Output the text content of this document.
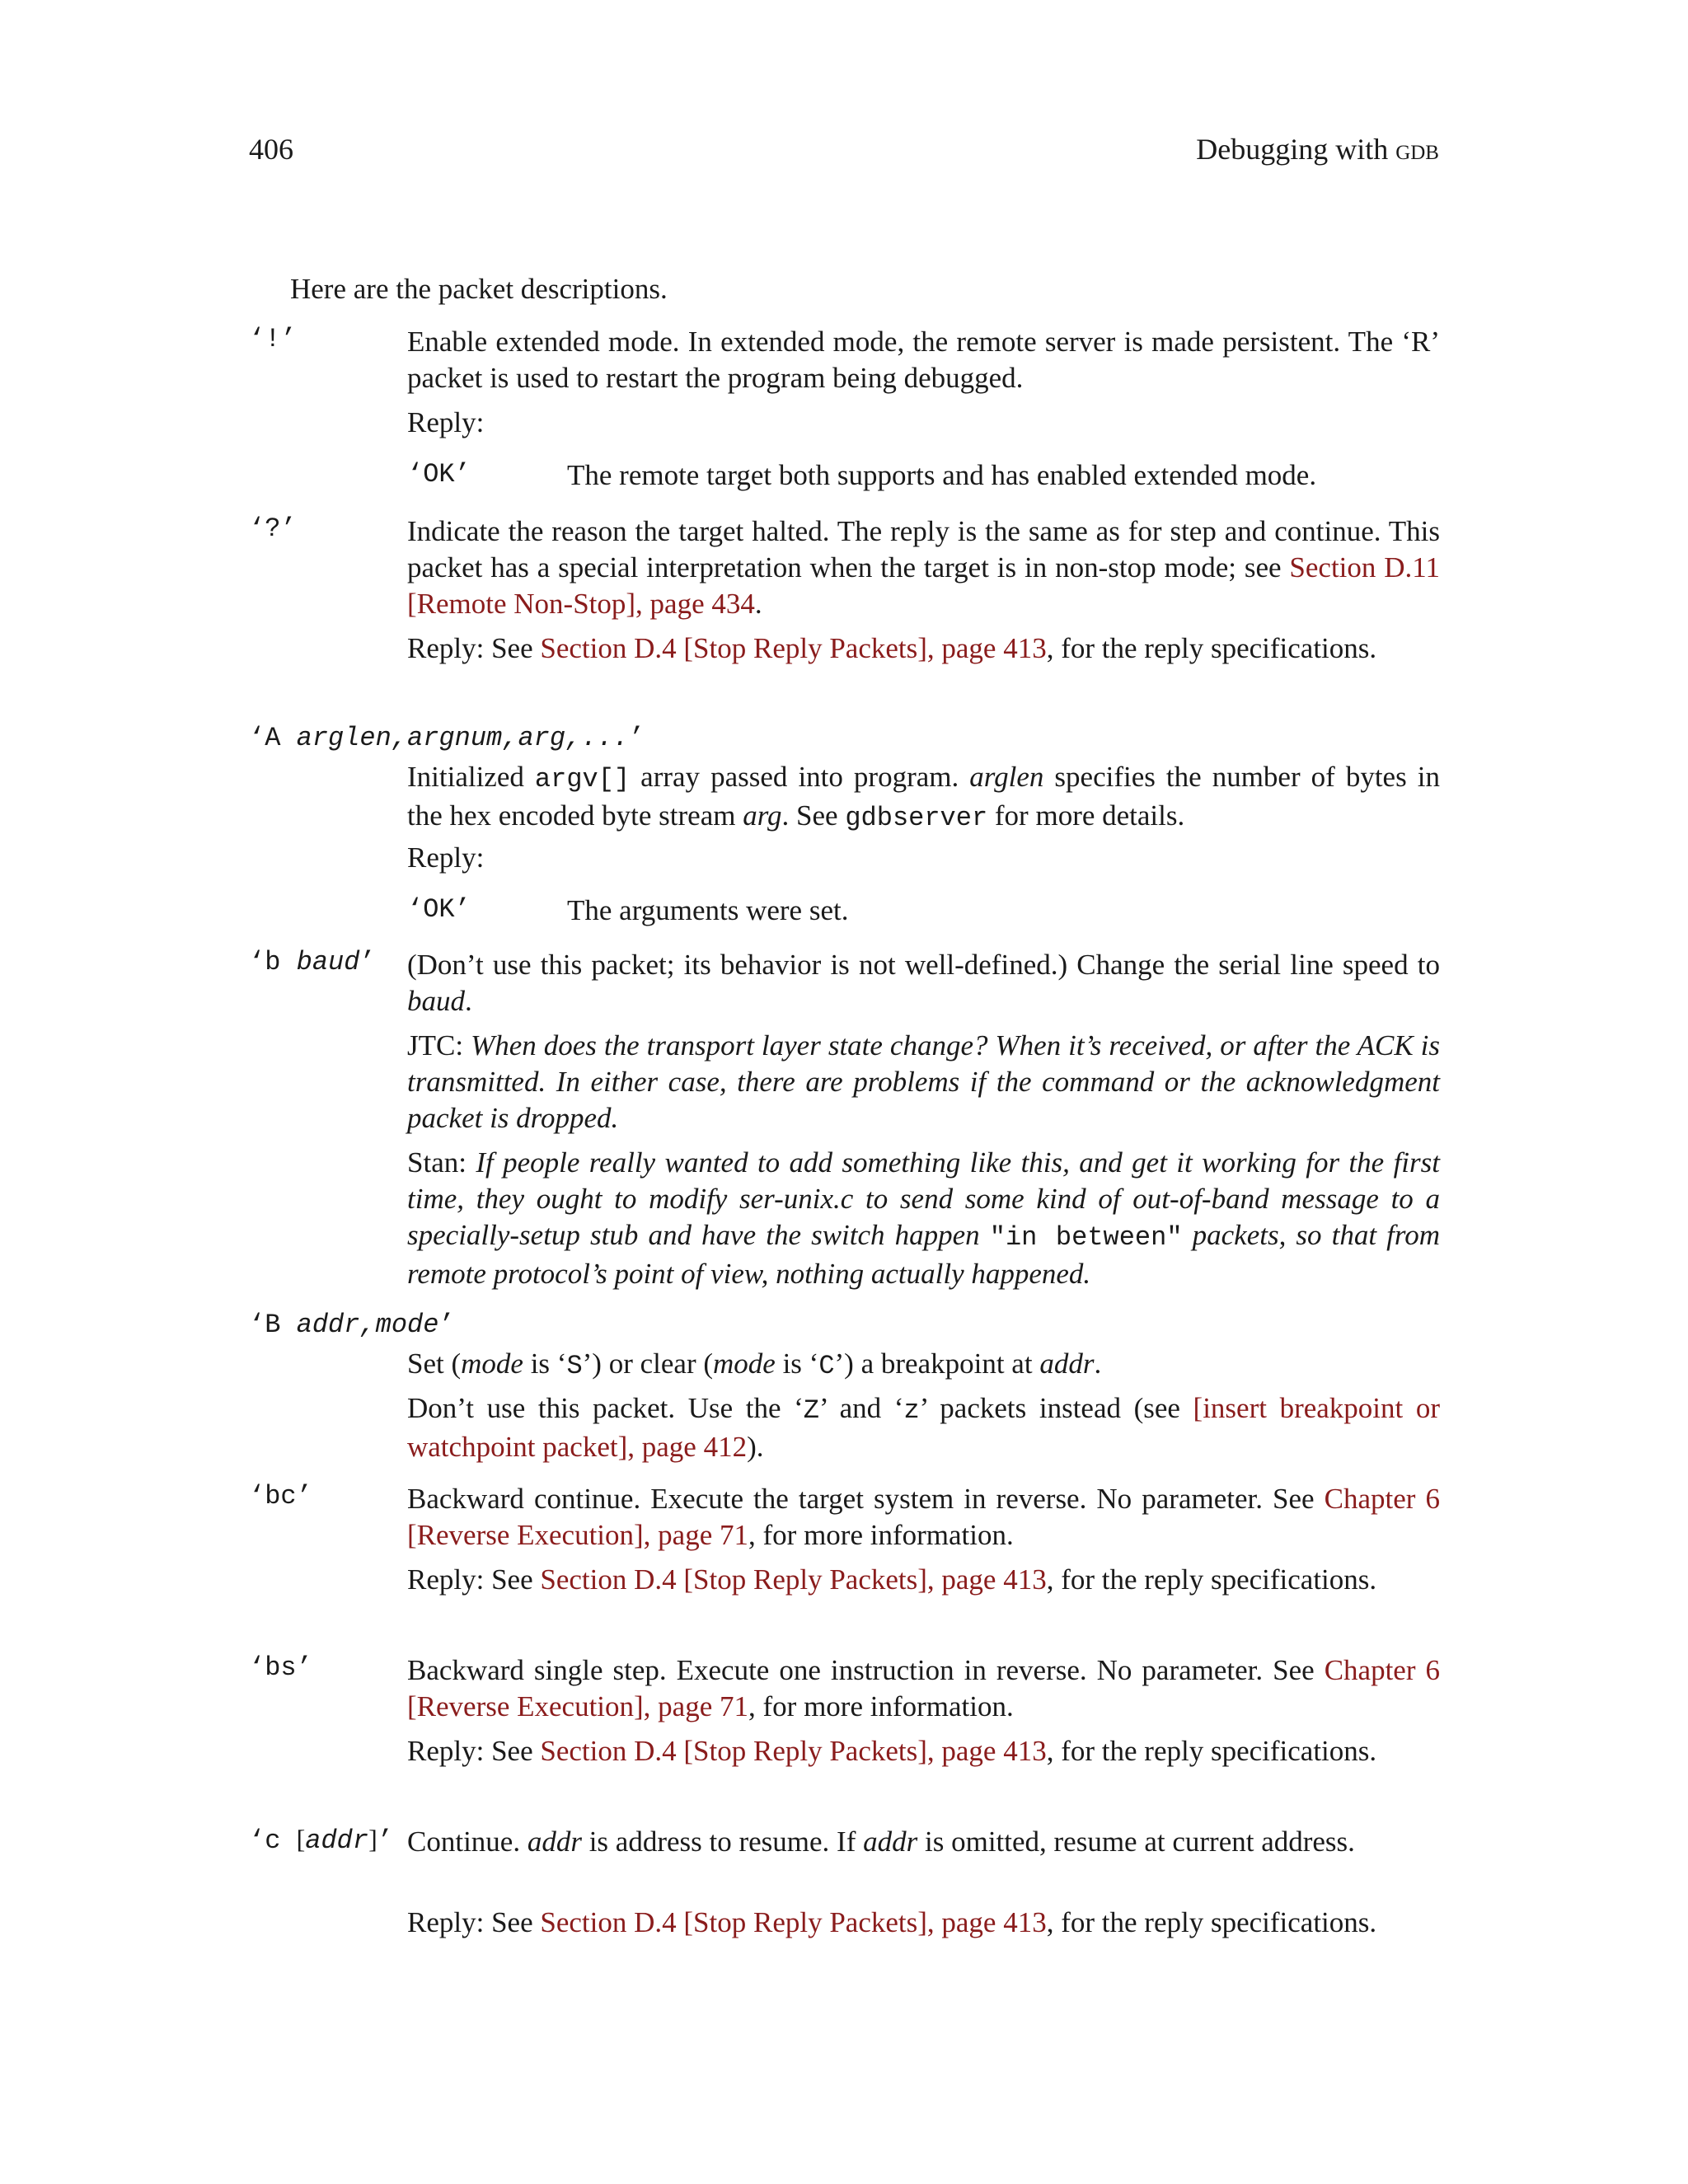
406	Debugging with gdb
Here are the packet descriptions.
‘!’	Enable extended mode. In extended mode, the remote server is made persistent. The ‘R’ packet is used to restart the program being debugged.
Reply:
‘OK’	The remote target both supports and has enabled extended mode.
‘?’	Indicate the reason the target halted. The reply is the same as for step and continue. This packet has a special interpretation when the target is in non-stop mode; see Section D.11 [Remote Non-Stop], page 434.
Reply: See Section D.4 [Stop Reply Packets], page 413, for the reply specifications.
‘A arglen,argnum,arg,...’
Initialized argv[] array passed into program. arglen specifies the number of bytes in the hex encoded byte stream arg. See gdbserver for more details.
Reply:
‘OK’	The arguments were set.
‘b baud’ (Don’t use this packet; its behavior is not well-defined.) Change the serial line speed to baud.
JTC: When does the transport layer state change? When it’s received, or after the ACK is transmitted. In either case, there are problems if the command or the acknowledgment packet is dropped.
Stan: If people really wanted to add something like this, and get it working for the first time, they ought to modify ser-unix.c to send some kind of out-of-band message to a specially-setup stub and have the switch happen "in between" packets, so that from remote protocol’s point of view, nothing actually happened.
‘B addr,mode’
Set (mode is ‘S’) or clear (mode is ‘C’) a breakpoint at addr.
Don’t use this packet. Use the ‘Z’ and ‘z’ packets instead (see [insert breakpoint or watchpoint packet], page 412).
‘bc’	Backward continue. Execute the target system in reverse. No parameter. See Chapter 6 [Reverse Execution], page 71, for more information.
Reply: See Section D.4 [Stop Reply Packets], page 413, for the reply specifications.
‘bs’	Backward single step. Execute one instruction in reverse. No parameter. See Chapter 6 [Reverse Execution], page 71, for more information.
Reply: See Section D.4 [Stop Reply Packets], page 413, for the reply specifications.
‘c [addr]’ Continue. addr is address to resume. If addr is omitted, resume at current address.
Reply: See Section D.4 [Stop Reply Packets], page 413, for the reply specifications.
